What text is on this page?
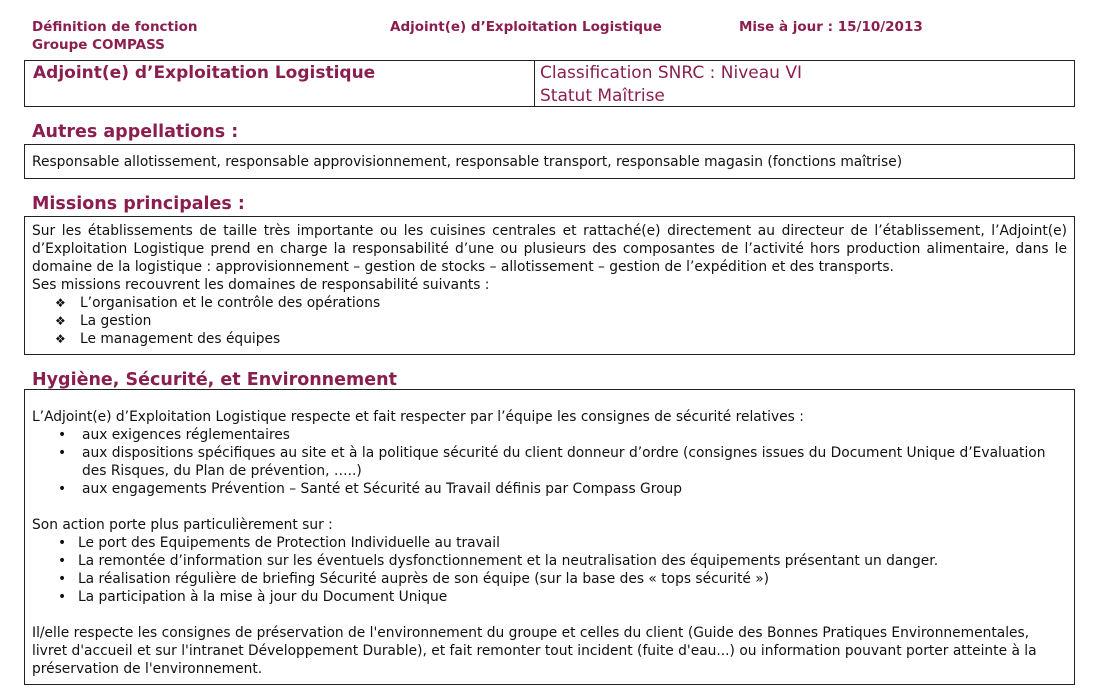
Définition de fonction
Groupe COMPASS
Adjoint(e) d’Exploitation Logistique	Mise à jour : 15/10/2013
Adjoint(e) d’Exploitation Logistique	Classification SNRC : Niveau VI
Statut Maîtrise
Autres appellations :

Responsable allotissement, responsable approvisionnement, responsable transport, responsable magasin (fonctions maîtrise)

Missions principales :

Sur les établissements de taille très importante ou les cuisines centrales et rattaché(e) directement au directeur de l’établissement, l’Adjoint(e) d’Exploitation Logistique prend en charge la responsabilité d’une ou plusieurs des composantes de l’activité hors production alimentaire, dans le domaine de la logistique : approvisionnement – gestion de stocks – allotissement – gestion de l’expédition et des transports.

Ses missions recouvrent les domaines de responsabilité suivants :

❖ L’organisation et le contrôle des opérations
❖ La gestion
❖ Le management des équipes
Hygiène, Sécurité, et Environnement

L’Adjoint(e) d’Exploitation Logistique respecte et fait respecter par l’équipe les consignes de sécurité relatives :

• aux exigences réglementaires
• aux dispositions spécifiques au site et à la politique sécurité du client donneur d’ordre (consignes issues du Document Unique d’Evaluation des Risques, du Plan de prévention, …..)
• aux engagements Prévention – Santé et Sécurité au Travail définis par Compass Group

Son action porte plus particulièrement sur :

• Le port des Equipements de Protection Individuelle au travail
• La remontée d’information sur les éventuels dysfonctionnement et la neutralisation des équipements présentant un danger.
• La réalisation régulière de briefing Sécurité auprès de son équipe (sur la base des « tops sécurité »)
• La participation à la mise à jour du Document Unique

Il/elle respecte les consignes de préservation de l'environnement du groupe et celles du client (Guide des Bonnes Pratiques Environnementales, livret d'accueil et sur l'intranet Développement Durable), et fait remonter tout incident (fuite d'eau...) ou information pouvant porter atteinte à la préservation de l'environnement.
